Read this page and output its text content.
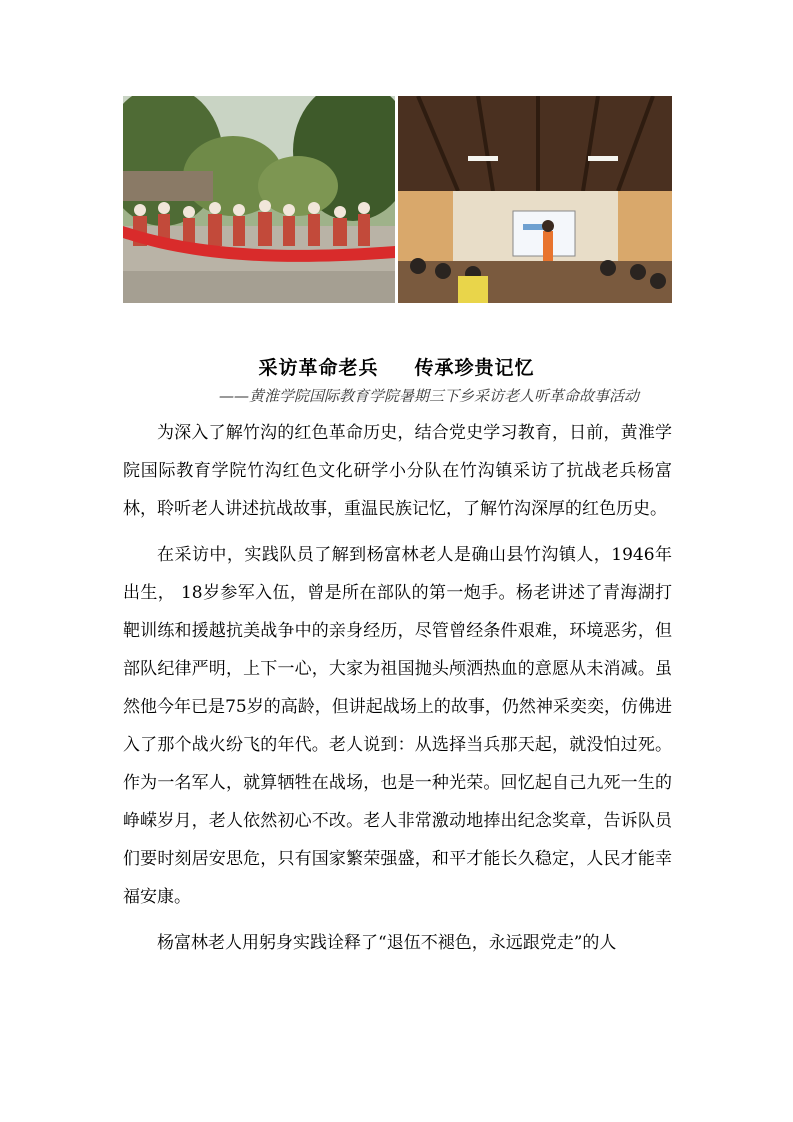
采访革命老兵 传承珍贵记忆
——黄淮学院国际教育学院暑期三下乡采访老人听革命故事活动

为深入了解竹沟的红色革命历史，结合党史学习教育，日前，黄淮学院国际教育学院竹沟红色文化研学小分队在竹沟镇采访了抗战老兵杨富林，聆听老人讲述抗战故事，重温民族记忆，了解竹沟深厚的红色历史。

在采访中，实践队员了解到杨富林老人是确山县竹沟镇人，1946年出生， 18岁参军入伍，曾是所在部队的第一炮手。杨老讲述了青海湖打靶训练和援越抗美战争中的亲身经历，尽管曾经条件艰难，环境恶劣，但部队纪律严明，上下一心，大家为祖国抛头颅洒热血的意愿从未消减。虽然他今年已是75岁的高龄，但讲起战场上的故事，仍然神采奕奕，仿佛进入了那个战火纷飞的年代。老人说到：从选择当兵那天起，就没怕过死。作为一名军人，就算牺牲在战场，也是一种光荣。回忆起自己九死一生的峥嵘岁月，老人依然初心不改。老人非常激动地捧出纪念奖章，告诉队员们要时刻居安思危，只有国家繁荣强盛，和平才能长久稳定，人民才能幸福安康。

杨富林老人用躬身实践诠释了“退伍不褪色，永远跟党走”的人
